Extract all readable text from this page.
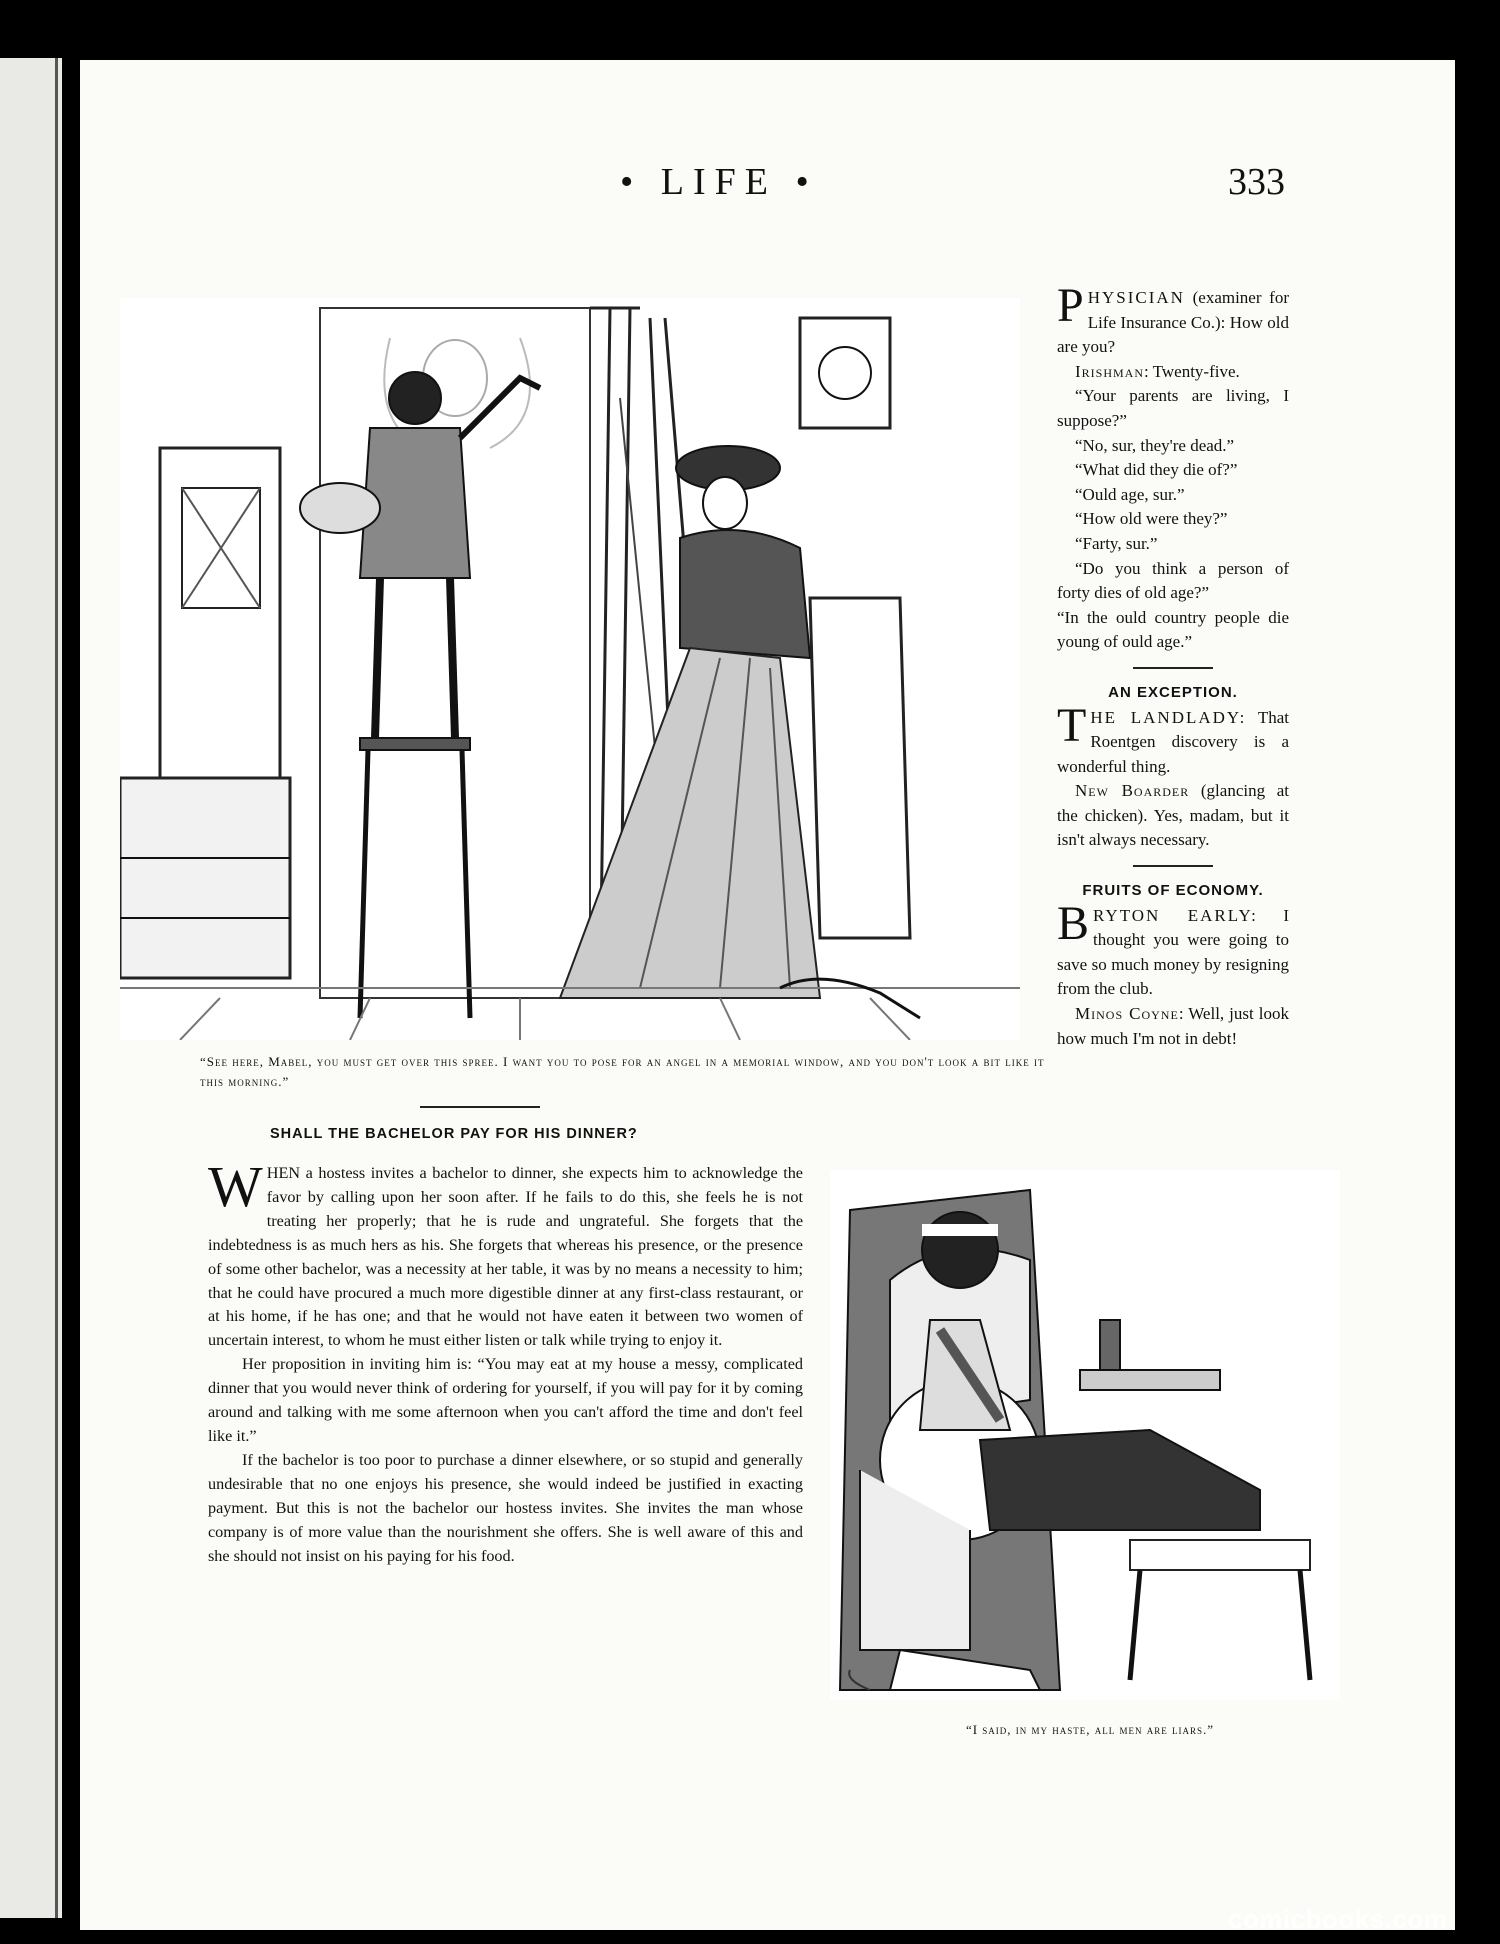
• LIFE •	333
“See here, Mabel, you must get over this spree. I want you to pose for an angel in a memorial window, and you don't look a bit like it this morning.”
SHALL THE BACHELOR PAY FOR HIS DINNER?

WHEN a hostess invites a bachelor to dinner, she expects him to acknowledge the favor by calling upon her soon after. If he fails to do this, she feels he is not treating her properly; that he is rude and ungrateful. She forgets that the indebtedness is as much hers as his. She forgets that whereas his presence, or the presence of some other bachelor, was a necessity at her table, it was by no means a necessity to him; that he could have procured a much more digestible dinner at any first-class restaurant, or at his home, if he has one; and that he would not have eaten it between two women of uncertain interest, to whom he must either listen or talk while trying to enjoy it.

Her proposition in inviting him is: “You may eat at my house a messy, complicated dinner that you would never think of ordering for yourself, if you will pay for it by coming around and talking with me some afternoon when you can't afford the time and don't feel like it.”

If the bachelor is too poor to purchase a dinner elsewhere, or so stupid and generally undesirable that no one enjoys his presence, she would indeed be justified in exacting payment. But this is not the bachelor our hostess invites. She invites the man whose company is of more value than the nourishment she offers. She is well aware of this and she should not insist on his paying for his food.

PHYSICIAN (examiner for Life Insurance Co.): How old are you?

Irishman: Twenty-five.

“Your parents are living, I suppose?”

“No, sur, they're dead.”

“What did they die of?”

“Ould age, sur.”

“How old were they?”

“Farty, sur.”

“Do you think a person of forty dies of old age?”

“In the ould country people die young of ould age.”

AN EXCEPTION.

THE LANDLADY: That Roentgen discovery is a wonderful thing.

New Boarder (glancing at the chicken). Yes, madam, but it isn't always necessary.

FRUITS OF ECONOMY.

BRYTON EARLY: I thought you were going to save so much money by resigning from the club.

Minos Coyne: Well, just look how much I'm not in debt!

“I said, in my haste, all men are liars.”
comicbooks.com
